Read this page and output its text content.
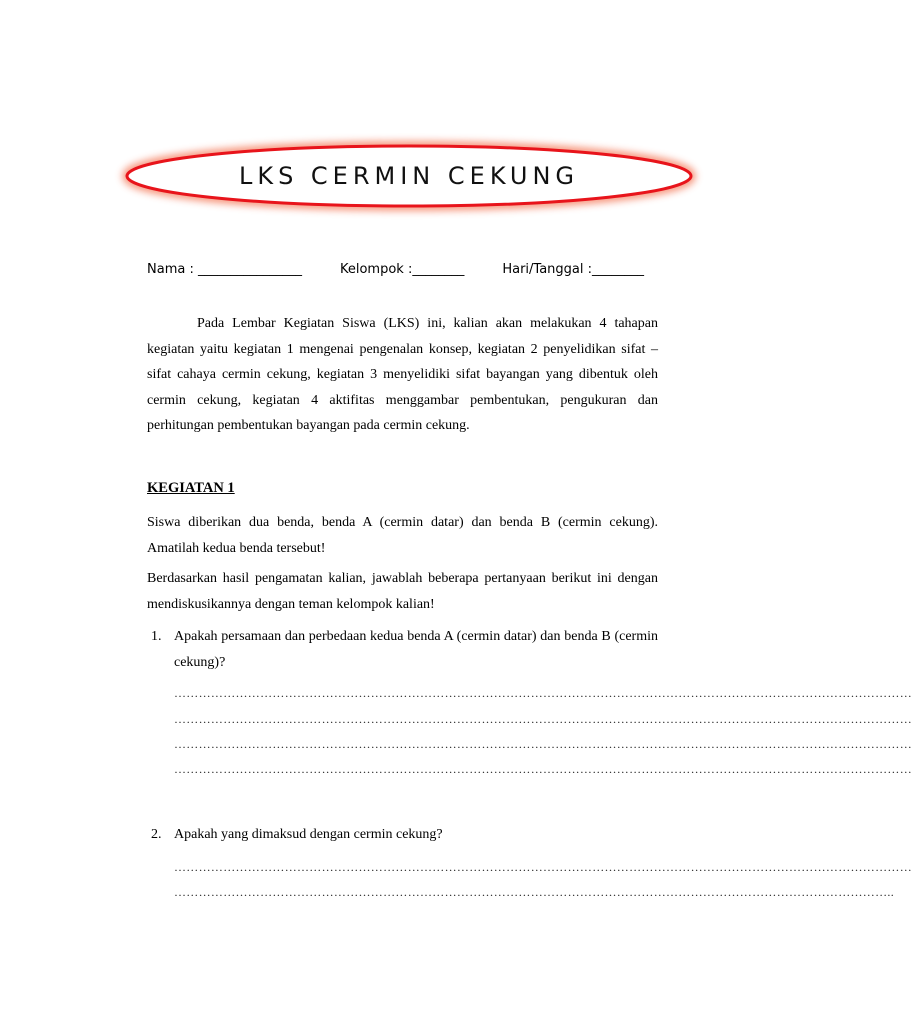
LKS CERMIN CEKUNG
Nama : ________________	Kelompok :________	Hari/Tanggal :________

Pada Lembar Kegiatan Siswa (LKS) ini, kalian akan melakukan 4 tahapan kegiatan yaitu kegiatan 1 mengenai pengenalan konsep, kegiatan 2 penyelidikan sifat – sifat cahaya cermin cekung, kegiatan 3 menyelidiki sifat bayangan yang dibentuk oleh cermin cekung, kegiatan 4 aktifitas menggambar pembentukan, pengukuran dan perhitungan pembentukan bayangan pada cermin cekung.

KEGIATAN 1

Siswa diberikan dua benda, benda A (cermin datar) dan benda B (cermin cekung). Amatilah kedua benda tersebut!

Berdasarkan hasil pengamatan kalian, jawablah beberapa pertanyaan berikut ini dengan mendiskusikannya dengan teman kelompok kalian!

1. Apakah persamaan dan perbedaan kedua benda A (cermin datar) dan benda B (cermin cekung)?
………………………………………………………………………………………………………………………………………………………………
………………………………………………………………………………………………………………………………………………………………
………………………………………………………………………………………………………………………………………………………………
………………………………………………………………………………………………………………………………………………………………
2. Apakah yang dimaksud dengan cermin cekung?
………………………………………………………………………………………………………………………………………………………………
…………………………………………………………………………………………………………………………………………………………..
